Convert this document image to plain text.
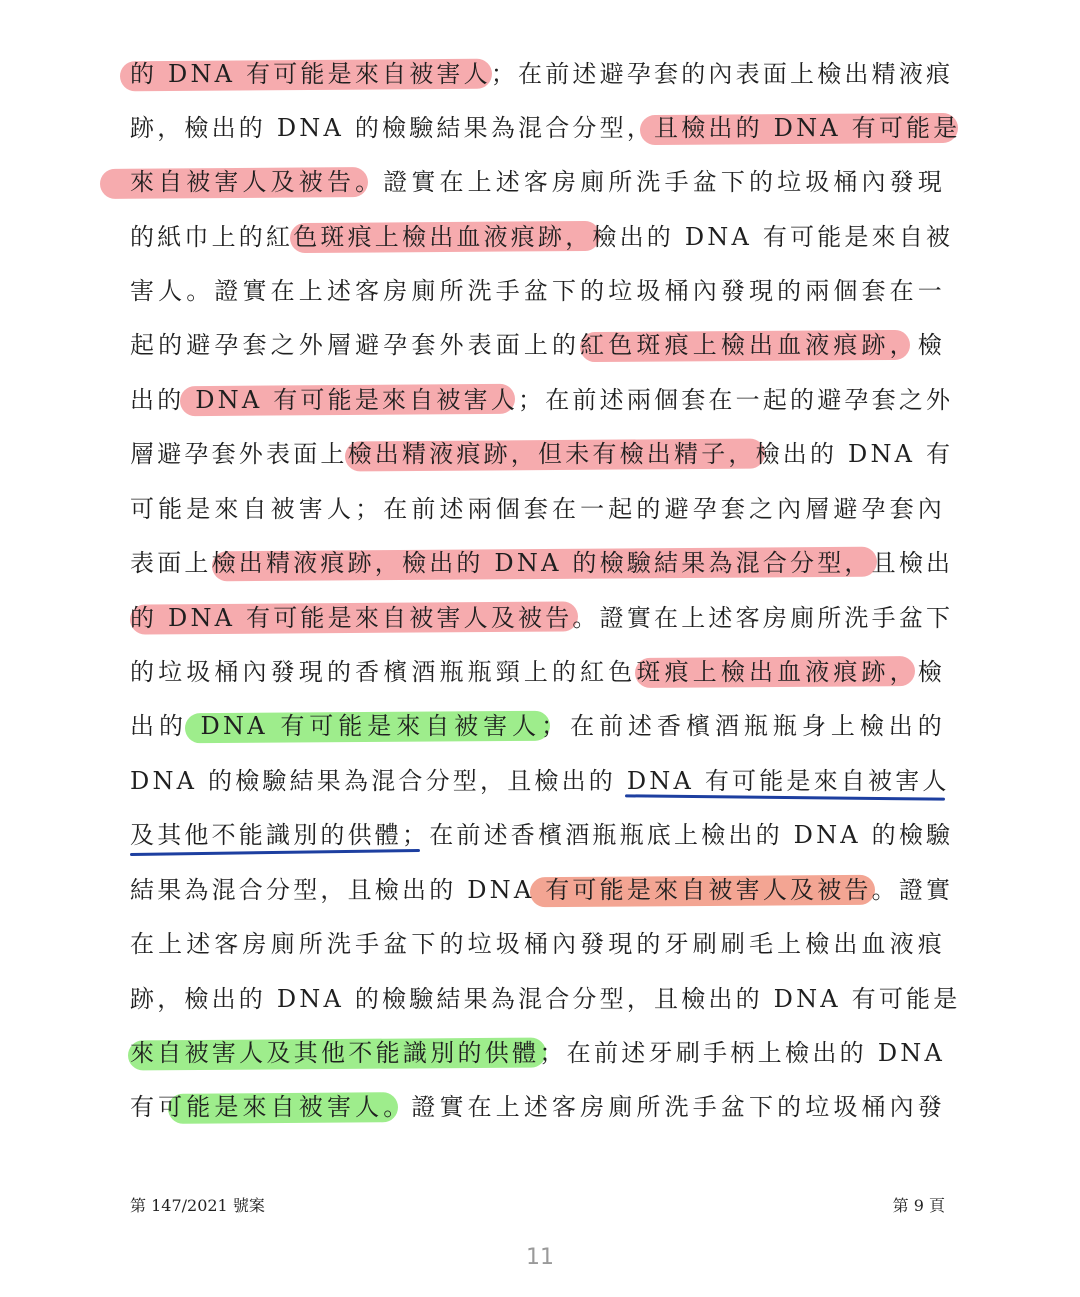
的 DNA 有可能是來自被害人；在前述避孕套的內表面上檢出精液痕
跡，檢出的 DNA 的檢驗結果為混合分型，且檢出的 DNA 有可能是
來自被害人及被告。證實在上述客房廁所洗手盆下的垃圾桶內發現
的紙巾上的紅色斑痕上檢出血液痕跡，檢出的 DNA 有可能是來自被
害人。證實在上述客房廁所洗手盆下的垃圾桶內發現的兩個套在一
起的避孕套之外層避孕套外表面上的紅色斑痕上檢出血液痕跡，檢
出的 DNA 有可能是來自被害人；在前述兩個套在一起的避孕套之外
層避孕套外表面上檢出精液痕跡，但未有檢出精子，檢出的 DNA 有
可能是來自被害人；在前述兩個套在一起的避孕套之內層避孕套內
表面上檢出精液痕跡，檢出的 DNA 的檢驗結果為混合分型，且檢出
的 DNA 有可能是來自被害人及被告。證實在上述客房廁所洗手盆下
的垃圾桶內發現的香檳酒瓶瓶頸上的紅色斑痕上檢出血液痕跡，檢
出的 DNA 有可能是來自被害人；在前述香檳酒瓶瓶身上檢出的
DNA 的檢驗結果為混合分型，且檢出的 DNA 有可能是來自被害人
及其他不能識別的供體；在前述香檳酒瓶瓶底上檢出的 DNA 的檢驗
結果為混合分型，且檢出的 DNA 有可能是來自被害人及被告。證實
在上述客房廁所洗手盆下的垃圾桶內發現的牙刷刷毛上檢出血液痕
跡，檢出的 DNA 的檢驗結果為混合分型，且檢出的 DNA 有可能是
來自被害人及其他不能識別的供體；在前述牙刷手柄上檢出的 DNA
有可能是來自被害人。證實在上述客房廁所洗手盆下的垃圾桶內發
第 147/2021 號案	第 9 頁
11
